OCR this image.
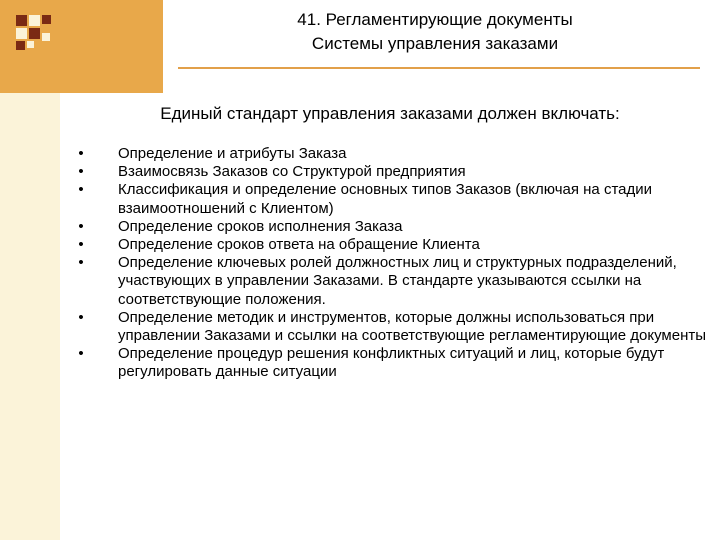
41. Регламентирующие документы
Системы управления заказами
Единый стандарт управления заказами должен включать:
• Определение и атрибуты Заказа
• Взаимосвязь Заказов со Структурой предприятия
• Классификация и определение основных типов Заказов (включая на стадии взаимоотношений с Клиентом)
• Определение сроков исполнения Заказа
• Определение сроков ответа на обращение Клиента
• Определение ключевых ролей должностных лиц и структурных подразделений, участвующих в управлении Заказами. В стандарте указываются ссылки на соответствующие положения.
• Определение методик и инструментов, которые должны использоваться при управлении Заказами и ссылки на соответствующие регламентирующие документы
• Определение процедур решения конфликтных ситуаций и лиц, которые будут регулировать данные ситуации
